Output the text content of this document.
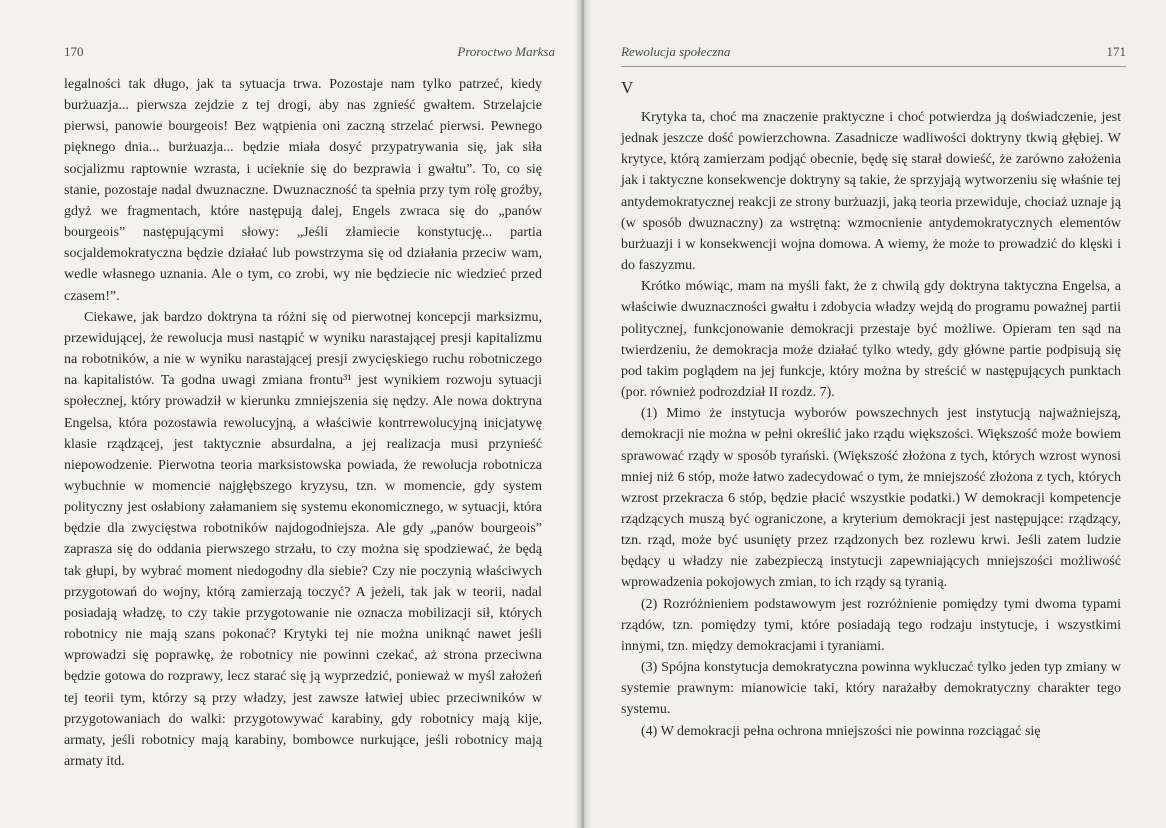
170	Proroctwo Marksa

legalności tak długo, jak ta sytuacja trwa. Pozostaje nam tylko patrzeć, kiedy burżuazja... pierwsza zejdzie z tej drogi, aby nas zgnieść gwałtem. Strzelajcie pierwsi, panowie bourgeois! Bez wątpienia oni zaczną strzelać pierwsi. Pewnego pięknego dnia... burżuazja... będzie miała dosyć przypatrywania się, jak siła socjalizmu raptownie wzrasta, i ucieknie się do bezprawia i gwałtu”. To, co się stanie, pozostaje nadal dwuznaczne. Dwuznaczność ta spełnia przy tym rolę groźby, gdyż we fragmentach, które następują dalej, Engels zwraca się do „panów bourgeois” następującymi słowy: „Jeśli złamiecie konstytucję... partia socjaldemokratyczna będzie działać lub powstrzyma się od działania przeciw wam, wedle własnego uznania. Ale o tym, co zrobi, wy nie będziecie nic wiedzieć przed czasem!”.

Ciekawe, jak bardzo doktryna ta różni się od pierwotnej koncepcji marksizmu, przewidującej, że rewolucja musi nastąpić w wyniku narastającej presji kapitalizmu na robotników, a nie w wyniku narastającej presji zwycięskiego ruchu robotniczego na kapitalistów. Ta godna uwagi zmiana frontu³¹ jest wynikiem rozwoju sytuacji społecznej, który prowadził w kierunku zmniejszenia się nędzy. Ale nowa doktryna Engelsa, która pozostawia rewolucyjną, a właściwie kontrrewolucyjną inicjatywę klasie rządzącej, jest taktycznie absurdalna, a jej realizacja musi przynieść niepowodzenie. Pierwotna teoria marksistowska powiada, że rewolucja robotnicza wybuchnie w momencie najgłębszego kryzysu, tzn. w momencie, gdy system polityczny jest osłabiony załamaniem się systemu ekonomicznego, w sytuacji, która będzie dla zwycięstwa robotników najdogodniejsza. Ale gdy „panów bourgeois” zaprasza się do oddania pierwszego strzału, to czy można się spodziewać, że będą tak głupi, by wybrać moment niedogodny dla siebie? Czy nie poczynią właściwych przygotowań do wojny, którą zamierzają toczyć? A jeżeli, tak jak w teorii, nadal posiadają władzę, to czy takie przygotowanie nie oznacza mobilizacji sił, których robotnicy nie mają szans pokonać? Krytyki tej nie można uniknąć nawet jeśli wprowadzi się poprawkę, że robotnicy nie powinni czekać, aż strona przeciwna będzie gotowa do rozprawy, lecz starać się ją wyprzedzić, ponieważ w myśl założeń tej teorii tym, którzy są przy władzy, jest zawsze łatwiej ubiec przeciwników w przygotowaniach do walki: przygotowywać karabiny, gdy robotnicy mają kije, armaty, jeśli robotnicy mają karabiny, bombowce nurkujące, jeśli robotnicy mają armaty itd.

Rewolucja społeczna	171
V

Krytyka ta, choć ma znaczenie praktyczne i choć potwierdza ją doświadczenie, jest jednak jeszcze dość powierzchowna. Zasadnicze wadliwości doktryny tkwią głębiej. W krytyce, którą zamierzam podjąć obecnie, będę się starał dowieść, że zarówno założenia jak i taktyczne konsekwencje doktryny są takie, że sprzyjają wytworzeniu się właśnie tej antydemokratycznej reakcji ze strony burżuazji, jaką teoria przewiduje, chociaż uznaje ją (w sposób dwuznaczny) za wstrętną: wzmocnienie antydemokratycznych elementów burżuazji i w konsekwencji wojna domowa. A wiemy, że może to prowadzić do klęski i do faszyzmu.

Krótko mówiąc, mam na myśli fakt, że z chwilą gdy doktryna taktyczna Engelsa, a właściwie dwuznaczności gwałtu i zdobycia władzy wejdą do programu poważnej partii politycznej, funkcjonowanie demokracji przestaje być możliwe. Opieram ten sąd na twierdzeniu, że demokracja może działać tylko wtedy, gdy główne partie podpisują się pod takim poglądem na jej funkcje, który można by streścić w następujących punktach (por. również podrozdział II rozdz. 7).

(1) Mimo że instytucja wyborów powszechnych jest instytucją najważniejszą, demokracji nie można w pełni określić jako rządu większości. Większość może bowiem sprawować rządy w sposób tyrański. (Większość złożona z tych, których wzrost wynosi mniej niż 6 stóp, może łatwo zadecydować o tym, że mniejszość złożona z tych, których wzrost przekracza 6 stóp, będzie płacić wszystkie podatki.) W demokracji kompetencje rządzących muszą być ograniczone, a kryterium demokracji jest następujące: rządzący, tzn. rząd, może być usunięty przez rządzonych bez rozlewu krwi. Jeśli zatem ludzie będący u władzy nie zabezpieczą instytucji zapewniających mniejszości możliwość wprowadzenia pokojowych zmian, to ich rządy są tyranią.

(2) Rozróżnieniem podstawowym jest rozróżnienie pomiędzy tymi dwoma typami rządów, tzn. pomiędzy tymi, które posiadają tego rodzaju instytucje, i wszystkimi innymi, tzn. między demokracjami i tyraniami.

(3) Spójna konstytucja demokratyczna powinna wykluczać tylko jeden typ zmiany w systemie prawnym: mianowicie taki, który narażałby demokratyczny charakter tego systemu.

(4) W demokracji pełna ochrona mniejszości nie powinna rozciągać się
